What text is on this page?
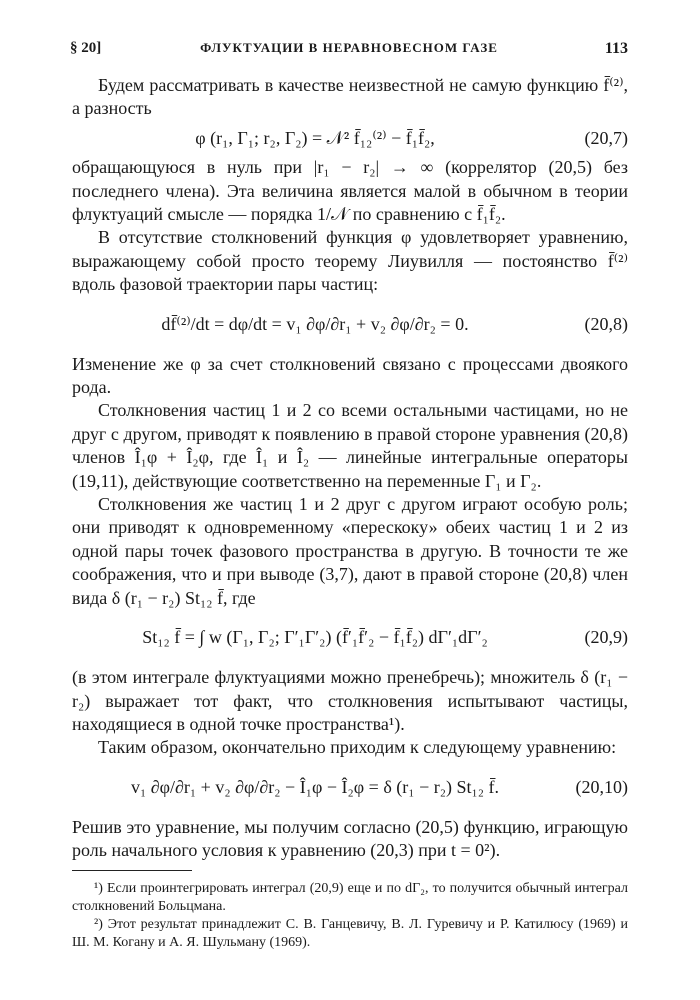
§ 20]	ФЛУКТУАЦИИ В НЕРАВНОВЕСНОМ ГАЗЕ	113

Будем рассматривать в качестве неизвестной не самую функцию f̄⁽²⁾, а разность

φ (r₁, Γ₁; r₂, Γ₂) = 𝒩² f̄₁₂⁽²⁾ − f̄₁f̄₂,	(20,7)

обращающуюся в нуль при |r₁ − r₂| → ∞ (коррелятор (20,5) без последнего члена). Эта величина является малой в обычном в теории флуктуаций смысле — порядка 1/𝒩 по сравнению с f̄₁f̄₂.

В отсутствие столкновений функция φ удовлетворяет уравнению, выражающему собой просто теорему Лиувилля — постоянство f̄⁽²⁾ вдоль фазовой траектории пары частиц:

df̄⁽²⁾/dt = dφ/dt = v₁ ∂φ/∂r₁ + v₂ ∂φ/∂r₂ = 0.	(20,8)

Изменение же φ за счет столкновений связано с процессами двоякого рода.

Столкновения частиц 1 и 2 со всеми остальными частицами, но не друг с другом, приводят к появлению в правой стороне уравнения (20,8) членов Î₁φ + Î₂φ, где Î₁ и Î₂ — линейные интегральные операторы (19,11), действующие соответственно на переменные Γ₁ и Γ₂.

Столкновения же частиц 1 и 2 друг с другом играют особую роль; они приводят к одновременному «перескоку» обеих частиц 1 и 2 из одной пары точек фазового пространства в другую. В точности те же соображения, что и при выводе (3,7), дают в правой стороне (20,8) член вида δ (r₁ − r₂) St₁₂ f̄, где

St₁₂ f̄ = ∫ w (Γ₁, Γ₂; Γ′₁Γ′₂) (f̄′₁f̄′₂ − f̄₁f̄₂) dΓ′₁dΓ′₂	(20,9)

(в этом интеграле флуктуациями можно пренебречь); множитель δ (r₁ − r₂) выражает тот факт, что столкновения испытывают частицы, находящиеся в одной точке пространства¹).

Таким образом, окончательно приходим к следующему уравнению:

v₁ ∂φ/∂r₁ + v₂ ∂φ/∂r₂ − Î₁φ − Î₂φ = δ (r₁ − r₂) St₁₂ f̄.	(20,10)

Решив это уравнение, мы получим согласно (20,5) функцию, играющую роль начального условия к уравнению (20,3) при t = 0²).

¹) Если проинтегрировать интеграл (20,9) еще и по dΓ₂, то получится обычный интеграл столкновений Больцмана.

²) Этот результат принадлежит С. В. Ганцевичу, В. Л. Гуревичу и Р. Катилюсу (1969) и Ш. М. Когану и А. Я. Шульману (1969).
